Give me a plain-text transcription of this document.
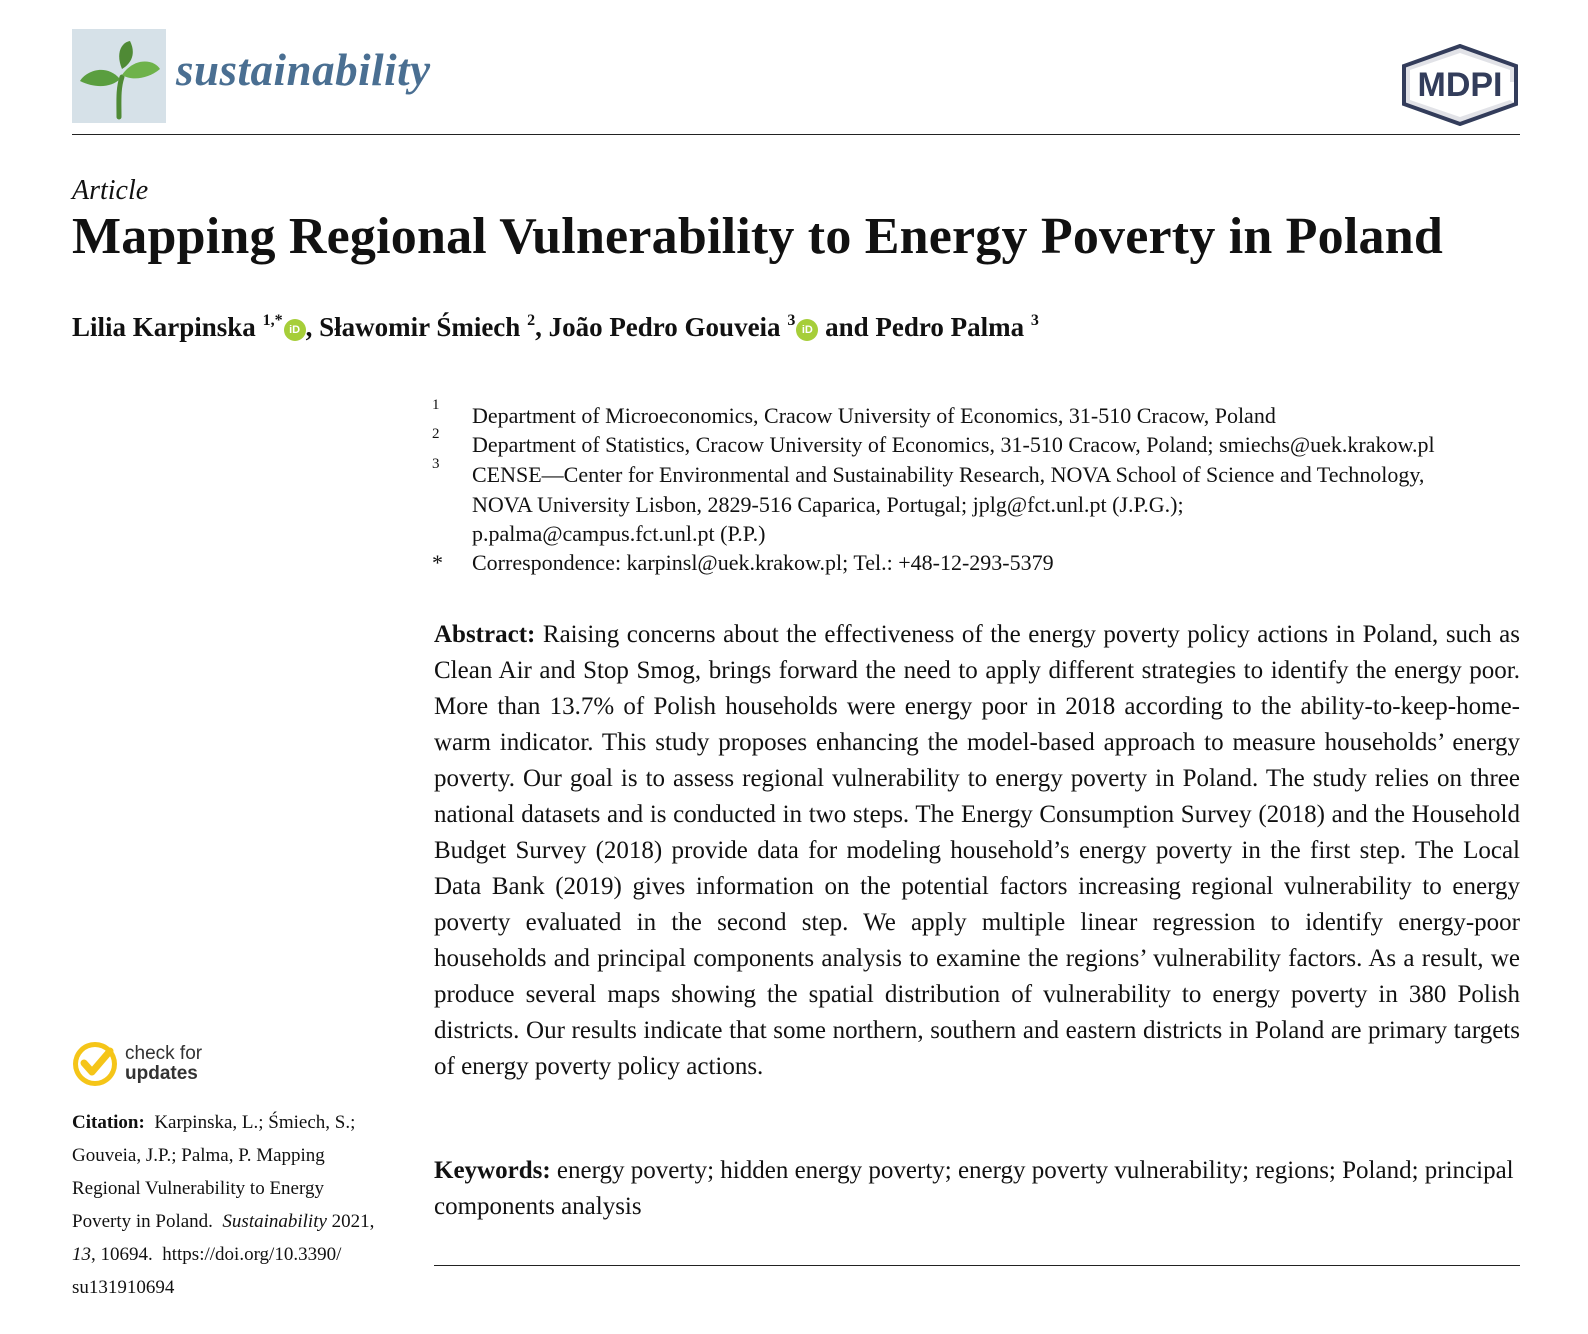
sustainability	MDPI
Article
Mapping Regional Vulnerability to Energy Poverty in Poland
Lilia Karpinska $^{1,*}$iD , Sławomir Śmiech $^2$, João Pedro Gouveia $^3$iD and Pedro Palma $^3$
1 Department of Microeconomics, Cracow University of Economics, 31-510 Cracow, Poland
2 Department of Statistics, Cracow University of Economics, 31-510 Cracow, Poland; smiechs@uek.krakow.pl
3 CENSE—Center for Environmental and Sustainability Research, NOVA School of Science and Technology,
NOVA University Lisbon, 2829-516 Caparica, Portugal; jplg@fct.unl.pt (J.P.G.);
p.palma@campus.fct.unl.pt (P.P.)
* Correspondence: karpinsl@uek.krakow.pl; Tel.: +48-12-293-5379
Abstract: Raising concerns about the effectiveness of the energy poverty policy actions in Poland, such as Clean Air and Stop Smog, brings forward the need to apply different strategies to identify the energy poor. More than 13.7% of Polish households were energy poor in 2018 according to the ability-to-keep-home-warm indicator. This study proposes enhancing the model-based approach to measure households’ energy poverty. Our goal is to assess regional vulnerability to energy poverty in Poland. The study relies on three national datasets and is conducted in two steps. The Energy Consumption Survey (2018) and the Household Budget Survey (2018) provide data for modeling household’s energy poverty in the first step. The Local Data Bank (2019) gives information on the potential factors increasing regional vulnerability to energy poverty evaluated in the second step. We apply multiple linear regression to identify energy-poor households and principal components analysis to examine the regions’ vulnerability factors. As a result, we produce several maps showing the spatial distribution of vulnerability to energy poverty in 380 Polish districts. Our results indicate that some northern, southern and eastern districts in Poland are primary targets of energy poverty policy actions.
Keywords: energy poverty; hidden energy poverty; energy poverty vulnerability; regions; Poland; principal components analysis
check for
updates
Citation: Karpinska, L.; Śmiech, S.;
Gouveia, J.P.; Palma, P. Mapping
Regional Vulnerability to Energy
Poverty in Poland. Sustainability 2021,
13, 10694. https://doi.org/10.3390/
su131910694
